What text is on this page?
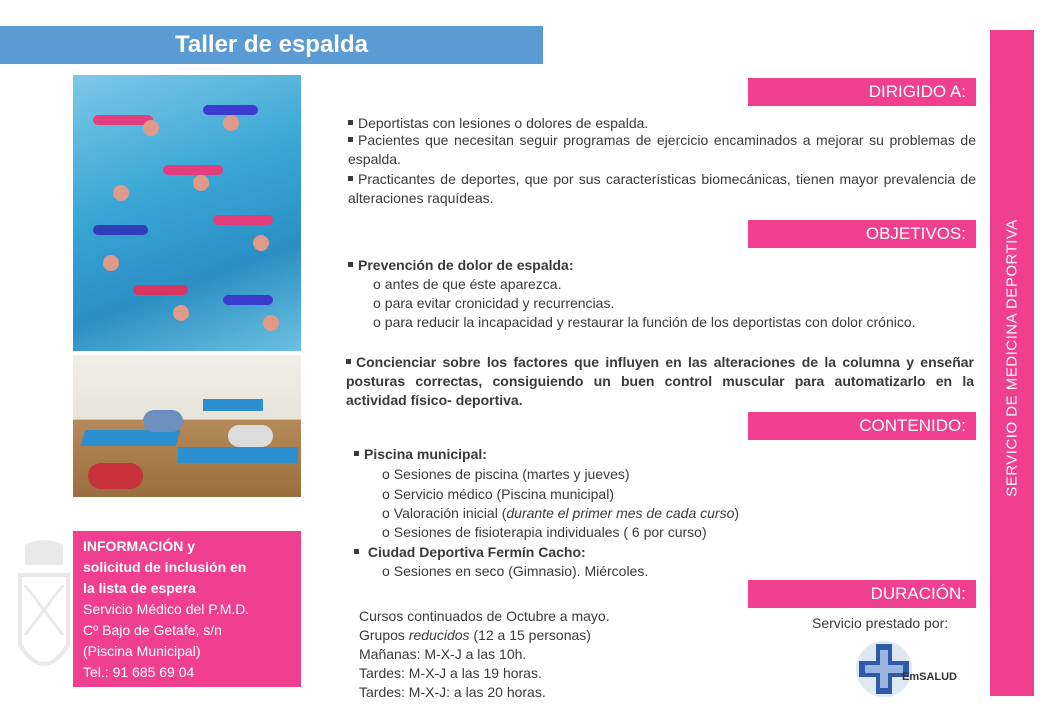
Taller de espalda
INFORMACIÓN y
solicitud de inclusión en
la lista de espera
Servicio Médico del P.M.D.
Cº Bajo de Getafe, s/n
(Piscina Municipal)
Tel.: 91 685 69 04
SERVICIO DE MEDICINA DEPORTIVA
DIRIGIDO A:
Deportistas con lesiones o dolores de espalda.
Pacientes que necesitan seguir programas de ejercicio encaminados a mejorar su problemas de espalda.
Practicantes de deportes, que por sus características biomecánicas, tienen mayor prevalencia de alteraciones raquídeas.
OBJETIVOS:
Prevención de dolor de espalda:
o antes de que éste aparezca.
o para evitar cronicidad y recurrencias.
o para reducir la incapacidad y restaurar la función de los deportistas con dolor crónico.
Concienciar sobre los factores que influyen en las alteraciones de la columna y enseñar posturas correctas, consiguiendo un buen control muscular para automatizarlo en la actividad físico- deportiva.
CONTENIDO:
Piscina municipal:
o Sesiones de piscina (martes y jueves)
o Servicio médico (Piscina municipal)
o Valoración inicial (durante el primer mes de cada curso)
o Sesiones de fisioterapia individuales ( 6 por curso)
Ciudad Deportiva Fermín Cacho:
o Sesiones en seco (Gimnasio). Miércoles.
DURACIÓN:
Cursos continuados de Octubre a mayo.
Grupos reducidos (12 a 15 personas)
Mañanas: M-X-J a las 10h.
Tardes: M-X-J a las 19 horas.
Tardes: M-X-J: a las 20 horas.
Servicio prestado por:
EmSALUD
